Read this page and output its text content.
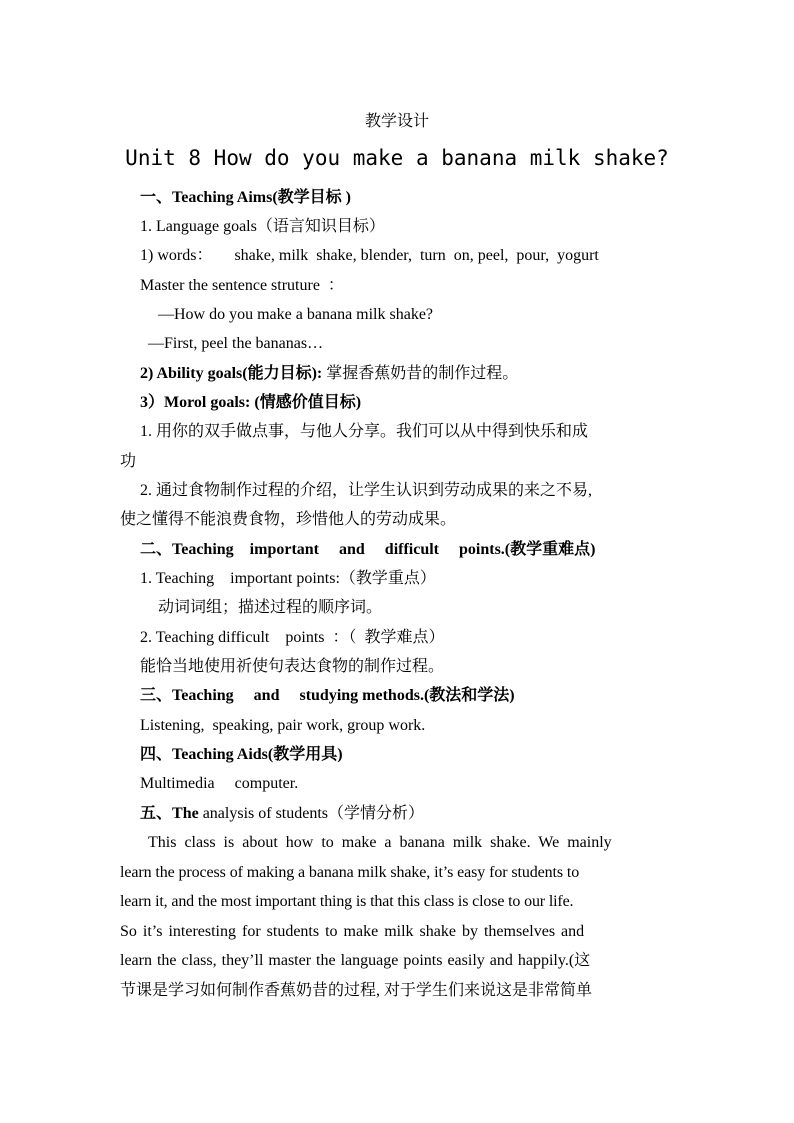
教学设计
Unit 8 How do you make a banana milk shake?
一、Teaching Aims(教学目标 )
1. Language goals（语言知识目标）
1) words： shake, milk  shake, blender,  turn  on, peel,  pour,  yogurt
Master the sentence struture  ：
—How do you make a banana milk shake?
—First, peel the bananas…
2) Ability goals(能力目标): 掌握香蕉奶昔的制作过程。
3）Morol goals: (情感价值目标)
1. 用你的双手做点事，与他人分享。我们可以从中得到快乐和成
功
2. 通过食物制作过程的介绍，让学生认识到劳动成果的来之不易,
使之懂得不能浪费食物，珍惜他人的劳动成果。
二、Teaching    important     and     difficult     points.(教学重难点)
1. Teaching    important points:（教学重点）
动词词组；描述过程的顺序词。
2. Teaching difficult    points  ：（  教学难点）
能恰当地使用祈使句表达食物的制作过程。
三、Teaching     and     studying methods.(教法和学法)
Listening,  speaking, pair work, group work.
四、Teaching Aids(教学用具)
Multimedia     computer.
五、The analysis of students（学情分析）
This  class  is  about  how  to  make  a  banana  milk  shake.  We  mainly
learn the process of making a banana milk shake, it’s easy for students to
learn it, and the most important thing is that this class is close to our life.
So it’s interesting for students to make milk shake by themselves and
learn the class, they’ll master the language points easily and happily.(这
节课是学习如何制作香蕉奶昔的过程, 对于学生们来说这是非常简单
